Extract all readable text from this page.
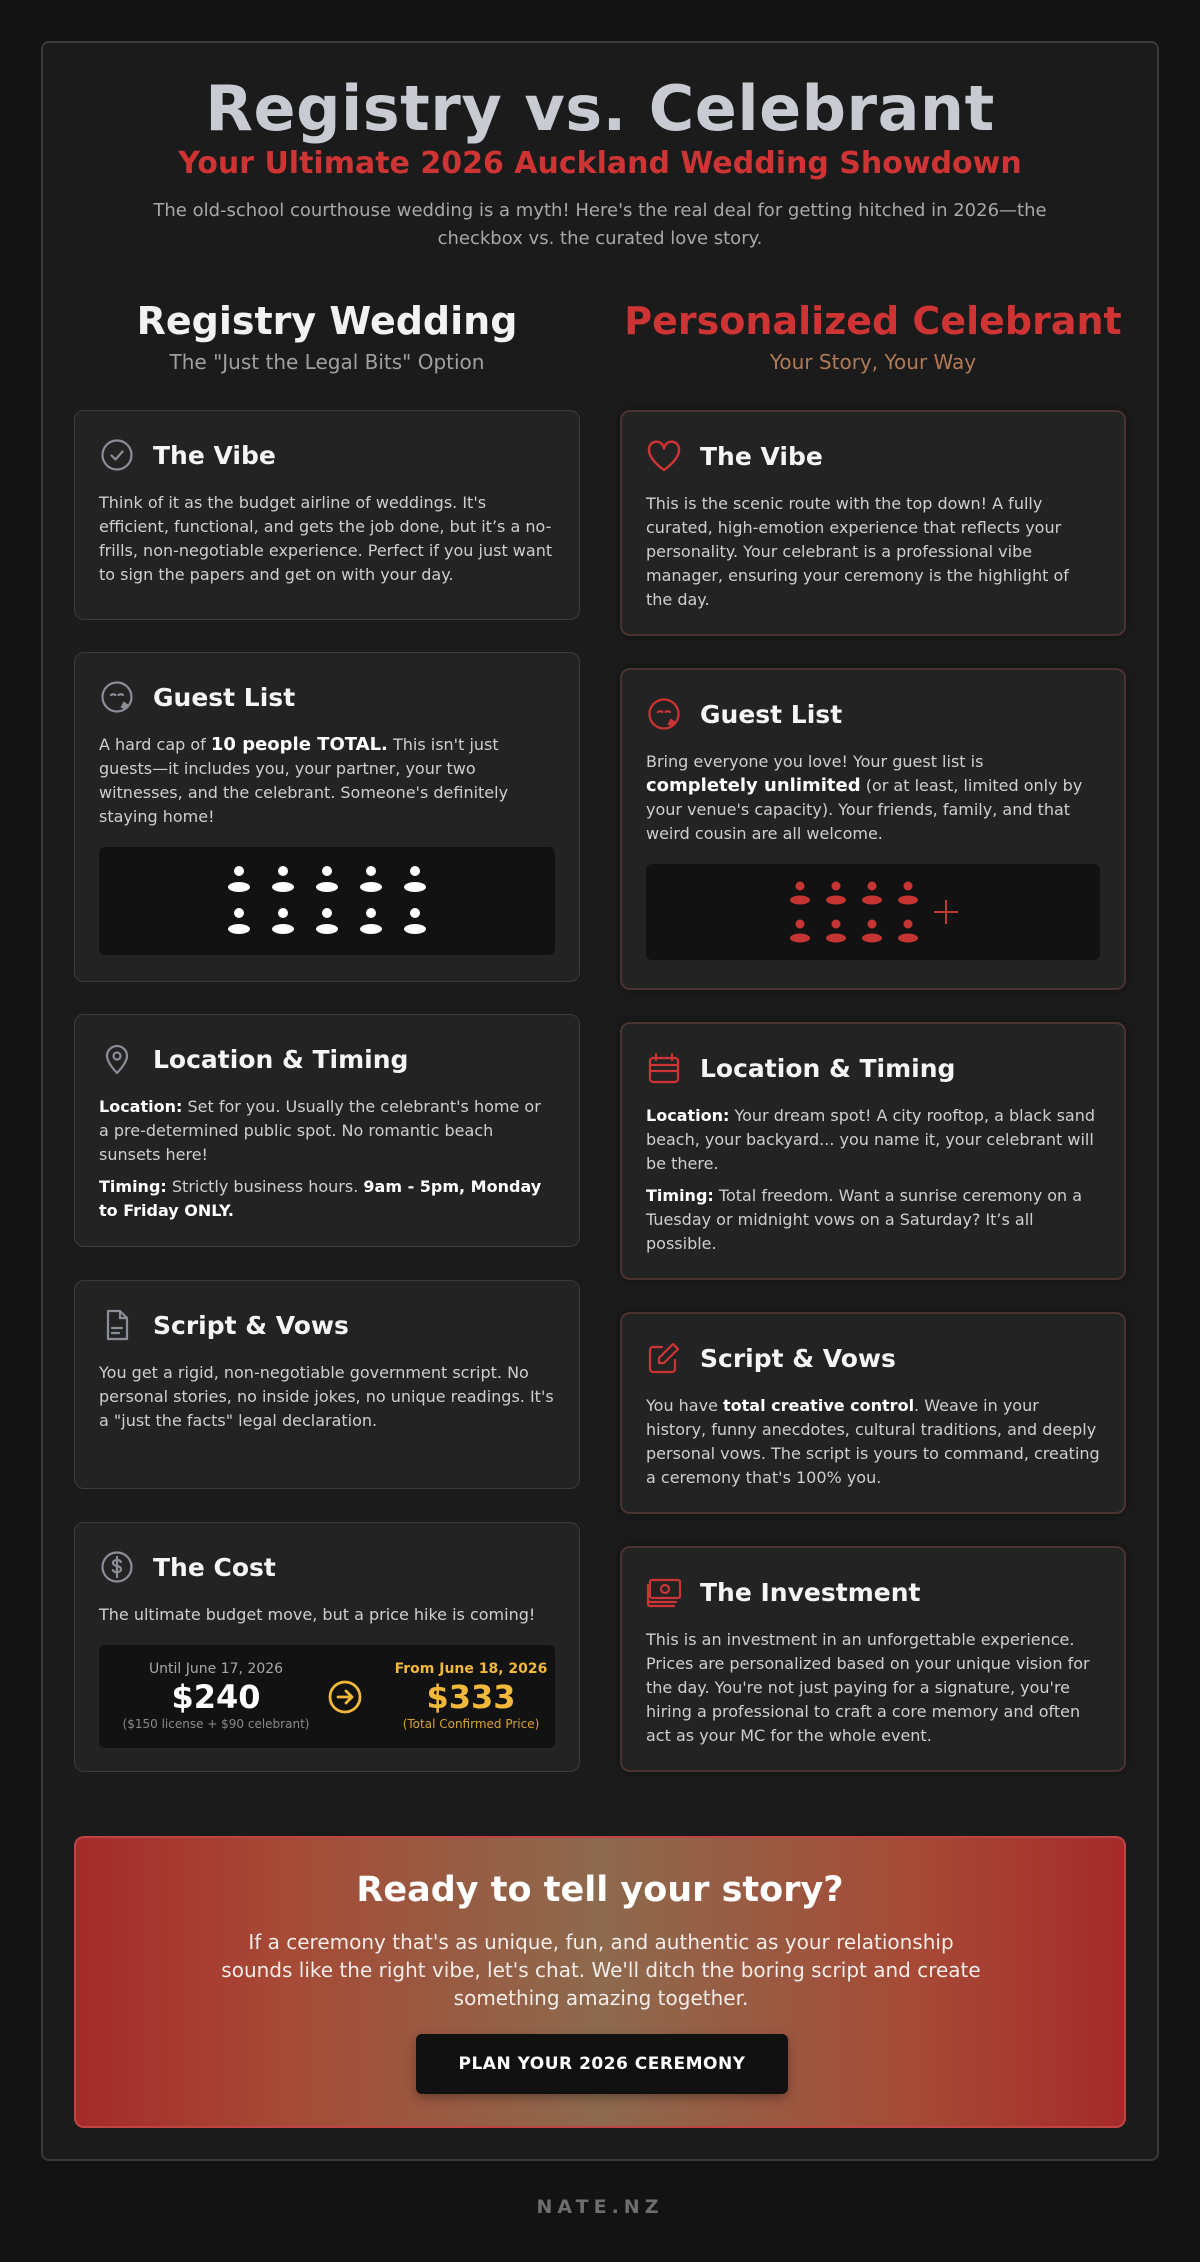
Registry vs. Celebrant
Your Ultimate 2026 Auckland Wedding Showdown
The old-school courthouse wedding is a myth! Here's the real deal for getting hitched in 2026—the checkbox vs. the curated love story.
Registry Wedding
The "Just the Legal Bits" Option
Personalized Celebrant
Your Story, Your Way
The Vibe

Think of it as the budget airline of weddings. It's efficient, functional, and gets the job done, but it’s a no-frills, non-negotiable experience. Perfect if you just want to sign the papers and get on with your day.

Guest List

A hard cap of 10 people TOTAL. This isn't just guests—it includes you, your partner, your two witnesses, and the celebrant. Someone's definitely staying home!

Location & Timing

Location: Set for you. Usually the celebrant's home or a pre-determined public spot. No romantic beach sunsets here!

Timing: Strictly business hours. 9am - 5pm, Monday to Friday ONLY.

Script & Vows

You get a rigid, non-negotiable government script. No personal stories, no inside jokes, no unique readings. It's a "just the facts" legal declaration.

The Cost

The ultimate budget move, but a price hike is coming!

Until June 17, 2026
$240
($150 license + $90 celebrant)
From June 18, 2026
$333
(Total Confirmed Price)
The Vibe

This is the scenic route with the top down! A fully curated, high-emotion experience that reflects your personality. Your celebrant is a professional vibe manager, ensuring your ceremony is the highlight of the day.

Guest List

Bring everyone you love! Your guest list is completely unlimited (or at least, limited only by your venue's capacity). Your friends, family, and that weird cousin are all welcome.

Location & Timing

Location: Your dream spot! A city rooftop, a black sand beach, your backyard... you name it, your celebrant will be there.

Timing: Total freedom. Want a sunrise ceremony on a Tuesday or midnight vows on a Saturday? It’s all possible.

Script & Vows

You have total creative control. Weave in your history, funny anecdotes, cultural traditions, and deeply personal vows. The script is yours to command, creating a ceremony that's 100% you.

The Investment

This is an investment in an unforgettable experience. Prices are personalized based on your unique vision for the day. You're not just paying for a signature, you're hiring a professional to craft a core memory and often act as your MC for the whole event.

Ready to tell your story?
If a ceremony that's as unique, fun, and authentic as your relationship sounds like the right vibe, let's chat. We'll ditch the boring script and create something amazing together.
PLAN YOUR 2026 CEREMONY
NATE.NZ
